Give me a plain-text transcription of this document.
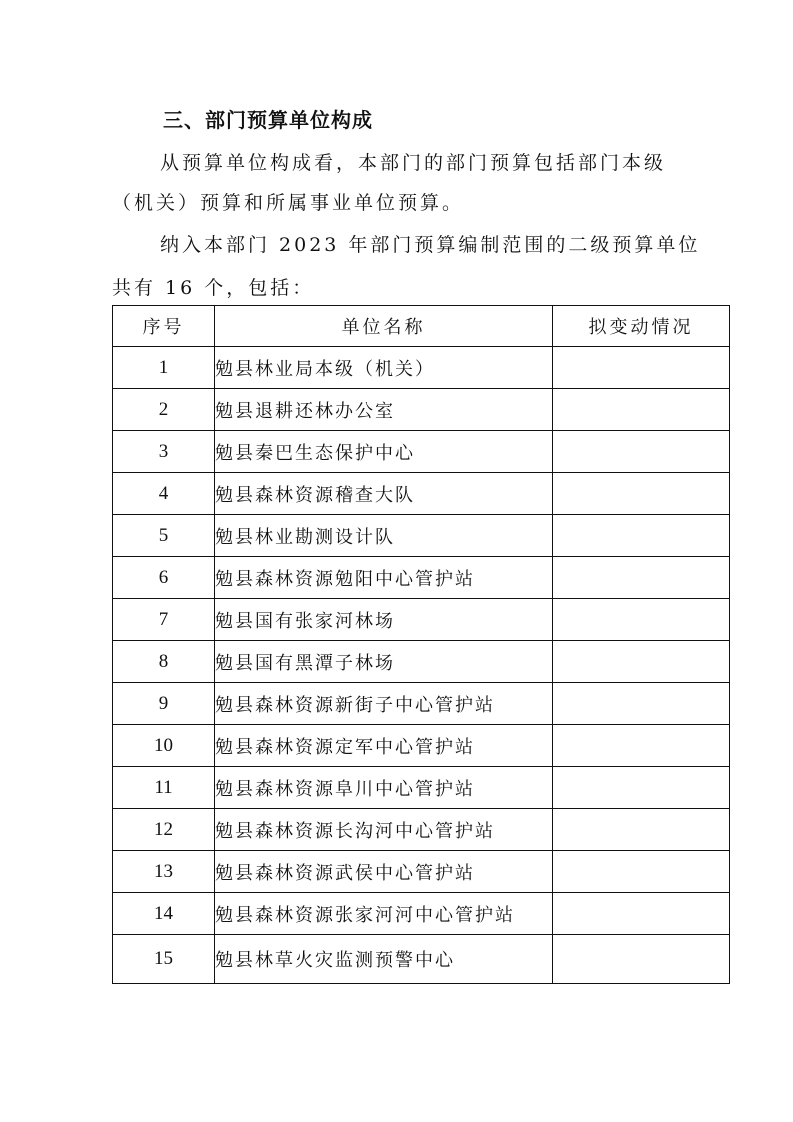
三、部门预算单位构成
从预算单位构成看，本部门的部门预算包括部门本级
（机关）预算和所属事业单位预算。
纳入本部门 2023 年部门预算编制范围的二级预算单位
共有 16 个，包括：
序号	单位名称	拟变动情况
1	勉县林业局本级（机关）	
2	勉县退耕还林办公室	
3	勉县秦巴生态保护中心	
4	勉县森林资源稽查大队	
5	勉县林业勘测设计队	
6	勉县森林资源勉阳中心管护站	
7	勉县国有张家河林场	
8	勉县国有黑潭子林场	
9	勉县森林资源新街子中心管护站	
10	勉县森林资源定军中心管护站	
11	勉县森林资源阜川中心管护站	
12	勉县森林资源长沟河中心管护站	
13	勉县森林资源武侯中心管护站	
14	勉县森林资源张家河河中心管护站	
15	勉县林草火灾监测预警中心	
